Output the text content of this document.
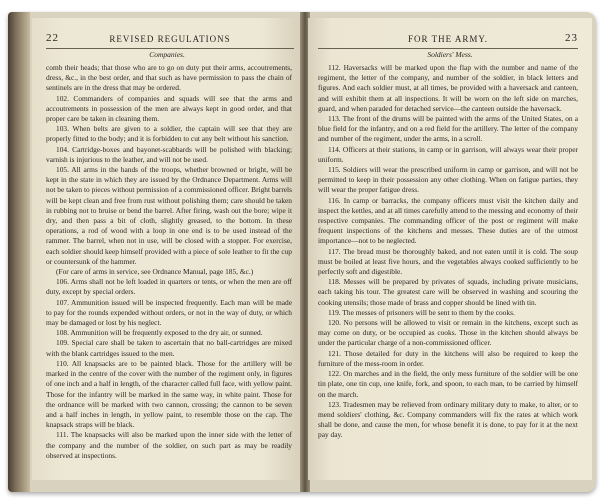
22	REVISED REGULATIONS
Companies.

comb their heads; that those who are to go on duty put their arms, accoutrements, dress, &c., in the best order, and that such as have permission to pass the chain of sentinels are in the dress that may be ordered.

102. Commanders of companies and squads will see that the arms and accoutrements in possession of the men are always kept in good order, and that proper care be taken in cleaning them.

103. When belts are given to a soldier, the captain will see that they are properly fitted to the body; and it is forbidden to cut any belt without his sanction.

104. Cartridge-boxes and bayonet-scabbards will be polished with blacking; varnish is injurious to the leather, and will not be used.

105. All arms in the hands of the troops, whether browned or bright, will be kept in the state in which they are issued by the Ordnance Department. Arms will not be taken to pieces without permission of a commissioned officer. Bright barrels will be kept clean and free from rust without polishing them; care should be taken in rubbing not to bruise or bend the barrel. After firing, wash out the bore; wipe it dry, and then pass a bit of cloth, slightly greased, to the bottom. In these operations, a rod of wood with a loop in one end is to be used instead of the rammer. The barrel, when not in use, will be closed with a stopper. For exercise, each soldier should keep himself provided with a piece of sole leather to fit the cup or countersunk of the hammer.

(For care of arms in service, see Ordnance Manual, page 185, &c.)

106. Arms shall not be left loaded in quarters or tents, or when the men are off duty, except by special orders.

107. Ammunition issued will be inspected frequently. Each man will be made to pay for the rounds expended without orders, or not in the way of duty, or which may be damaged or lost by his neglect.

108. Ammunition will be frequently exposed to the dry air, or sunned.

109. Special care shall be taken to ascertain that no ball-cartridges are mixed with the blank cartridges issued to the men.

110. All knapsacks are to be painted black. Those for the artillery will be marked in the centre of the cover with the number of the regiment only, in figures of one inch and a half in length, of the character called full face, with yellow paint. Those for the infantry will be marked in the same way, in white paint. Those for the ordnance will be marked with two cannon, crossing; the cannon to be seven and a half inches in length, in yellow paint, to resemble those on the cap. The knapsack straps will be black.

111. The knapsacks will also be marked upon the inner side with the letter of the company and the number of the soldier, on such part as may be readily observed at inspections.

FOR THE ARMY.	23
Soldiers' Mess.

112. Haversacks will be marked upon the flap with the number and name of the regiment, the letter of the company, and number of the soldier, in black letters and figures. And each soldier must, at all times, be provided with a haversack and canteen, and will exhibit them at all inspections. It will be worn on the left side on marches, guard, and when paraded for detached service—the canteen outside the haversack.

113. The front of the drums will be painted with the arms of the United States, on a blue field for the infantry, and on a red field for the artillery. The letter of the company and number of the regiment, under the arms, in a scroll.

114. Officers at their stations, in camp or in garrison, will always wear their proper uniform.

115. Soldiers will wear the prescribed uniform in camp or garrison, and will not be permitted to keep in their possession any other clothing. When on fatigue parties, they will wear the proper fatigue dress.

116. In camp or barracks, the company officers must visit the kitchen daily and inspect the kettles, and at all times carefully attend to the messing and economy of their respective companies. The commanding officer of the post or regiment will make frequent inspections of the kitchens and messes. These duties are of the utmost importance—not to be neglected.

117. The bread must be thoroughly baked, and not eaten until it is cold. The soup must be boiled at least five hours, and the vegetables always cooked sufficiently to be perfectly soft and digestible.

118. Messes will be prepared by privates of squads, including private musicians, each taking his tour. The greatest care will be observed in washing and scouring the cooking utensils; those made of brass and copper should be lined with tin.

119. The messes of prisoners will be sent to them by the cooks.

120. No persons will be allowed to visit or remain in the kitchens, except such as may come on duty, or be occupied as cooks. Those in the kitchen should always be under the particular charge of a non-commissioned officer.

121. Those detailed for duty in the kitchens will also be required to keep the furniture of the mess-room in order.

122. On marches and in the field, the only mess furniture of the soldier will be one tin plate, one tin cup, one knife, fork, and spoon, to each man, to be carried by himself on the march.

123. Tradesmen may be relieved from ordinary military duty to make, to alter, or to mend soldiers' clothing, &c. Company commanders will fix the rates at which work shall be done, and cause the men, for whose benefit it is done, to pay for it at the next pay day.
